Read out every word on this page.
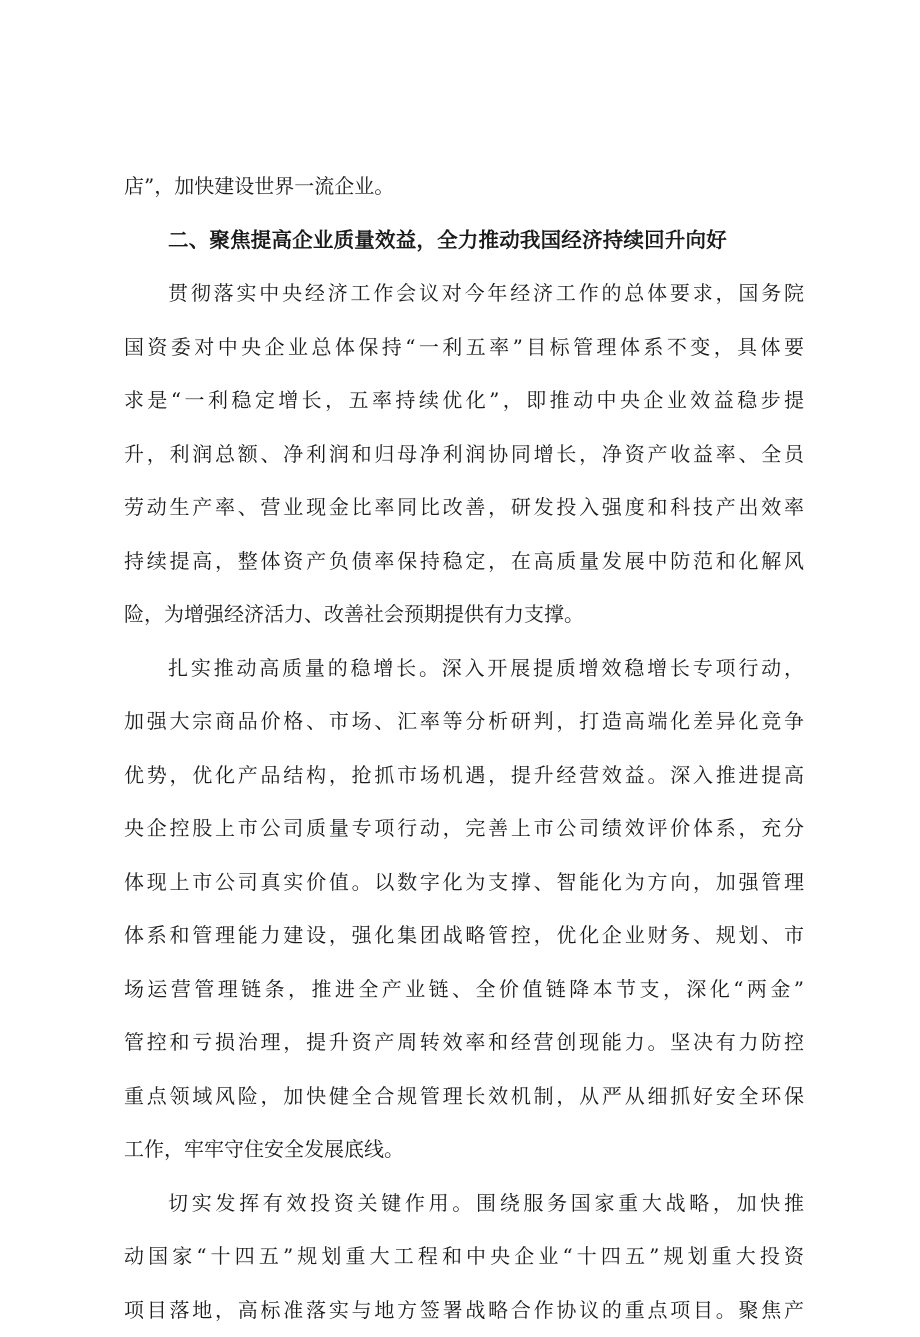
店”，加快建设世界一流企业。
二、聚焦提高企业质量效益，全力推动我国经济持续回升向好
贯彻落实中央经济工作会议对今年经济工作的总体要求，国务院
国资委对中央企业总体保持“一利五率”目标管理体系不变，具体要
求是“一利稳定增长，五率持续优化”，即推动中央企业效益稳步提
升，利润总额、净利润和归母净利润协同增长，净资产收益率、全员
劳动生产率、营业现金比率同比改善，研发投入强度和科技产出效率
持续提高，整体资产负债率保持稳定，在高质量发展中防范和化解风
险，为增强经济活力、改善社会预期提供有力支撑。
扎实推动高质量的稳增长。深入开展提质增效稳增长专项行动，
加强大宗商品价格、市场、汇率等分析研判，打造高端化差异化竞争
优势，优化产品结构，抢抓市场机遇，提升经营效益。深入推进提高
央企控股上市公司质量专项行动，完善上市公司绩效评价体系，充分
体现上市公司真实价值。以数字化为支撑、智能化为方向，加强管理
体系和管理能力建设，强化集团战略管控，优化企业财务、规划、市
场运营管理链条，推进全产业链、全价值链降本节支，深化“两金”
管控和亏损治理，提升资产周转效率和经营创现能力。坚决有力防控
重点领域风险，加快健全合规管理长效机制，从严从细抓好安全环保
工作，牢牢守住安全发展底线。
切实发挥有效投资关键作用。围绕服务国家重大战略，加快推
动国家“十四五”规划重大工程和中央企业“十四五”规划重大投资
项目落地，高标准落实与地方签署战略合作协议的重点项目。聚焦产
